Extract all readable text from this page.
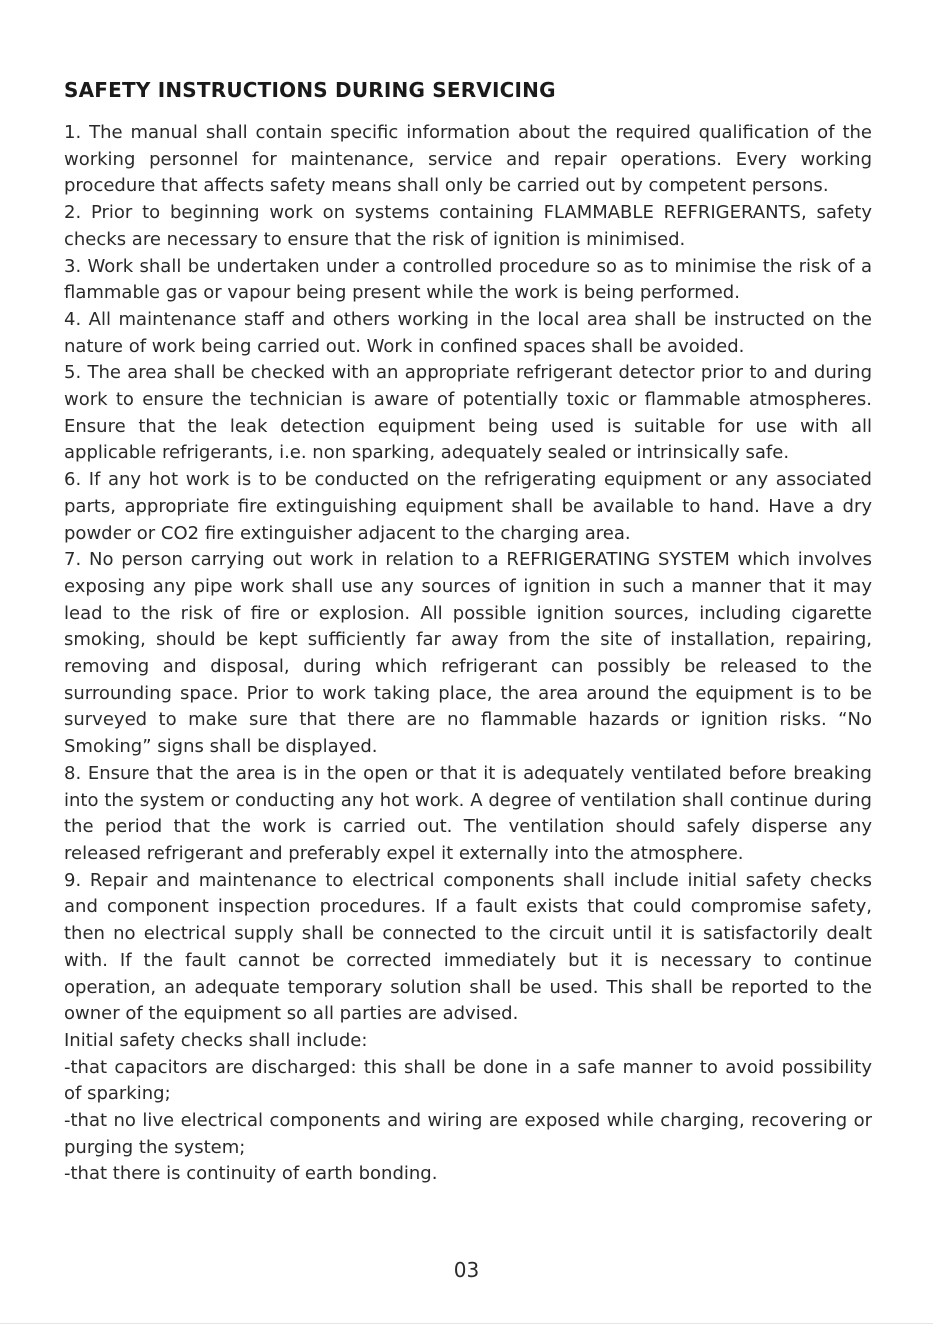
SAFETY INSTRUCTIONS DURING SERVICING

1. The manual shall contain specific information about the required qualification of the working personnel for maintenance, service and repair operations. Every working procedure that affects safety means shall only be carried out by competent persons.

2. Prior to beginning work on systems containing FLAMMABLE REFRIGERANTS, safety checks are necessary to ensure that the risk of ignition is minimised.

3. Work shall be undertaken under a controlled procedure so as to minimise the risk of a flammable gas or vapour being present while the work is being performed.

4. All maintenance staff and others working in the local area shall be instructed on the nature of work being carried out. Work in confined spaces shall be avoided.

5. The area shall be checked with an appropriate refrigerant detector prior to and during work to ensure the technician is aware of potentially toxic or flammable atmospheres. Ensure that the leak detection equipment being used is suitable for use with all applicable refrigerants, i.e. non sparking, adequately sealed or intrinsically safe.

6. If any hot work is to be conducted on the refrigerating equipment or any associated parts, appropriate fire extinguishing equipment shall be available to hand. Have a dry powder or CO2 fire extinguisher adjacent to the charging area.

7. No person carrying out work in relation to a REFRIGERATING SYSTEM which involves exposing any pipe work shall use any sources of ignition in such a manner that it may lead to the risk of fire or explosion. All possible ignition sources, including cigarette smoking, should be kept sufficiently far away from the site of installation, repairing, removing and disposal, during which refrigerant can possibly be released to the surrounding space. Prior to work taking place, the area around the equipment is to be surveyed to make sure that there are no flammable hazards or ignition risks. “No Smoking” signs shall be displayed.

8. Ensure that the area is in the open or that it is adequately ventilated before breaking into the system or conducting any hot work. A degree of ventilation shall continue during the period that the work is carried out. The ventilation should safely disperse any released refrigerant and preferably expel it externally into the atmosphere.

9. Repair and maintenance to electrical components shall include initial safety checks and component inspection procedures. If a fault exists that could compromise safety, then no electrical supply shall be connected to the circuit until it is satisfactorily dealt with. If the fault cannot be corrected immediately but it is necessary to continue operation, an adequate temporary solution shall be used. This shall be reported to the owner of the equipment so all parties are advised.

Initial safety checks shall include:

-that capacitors are discharged: this shall be done in a safe manner to avoid possibility of sparking;

-that no live electrical components and wiring are exposed while charging, recovering or purging the system;

-that there is continuity of earth bonding.

03
